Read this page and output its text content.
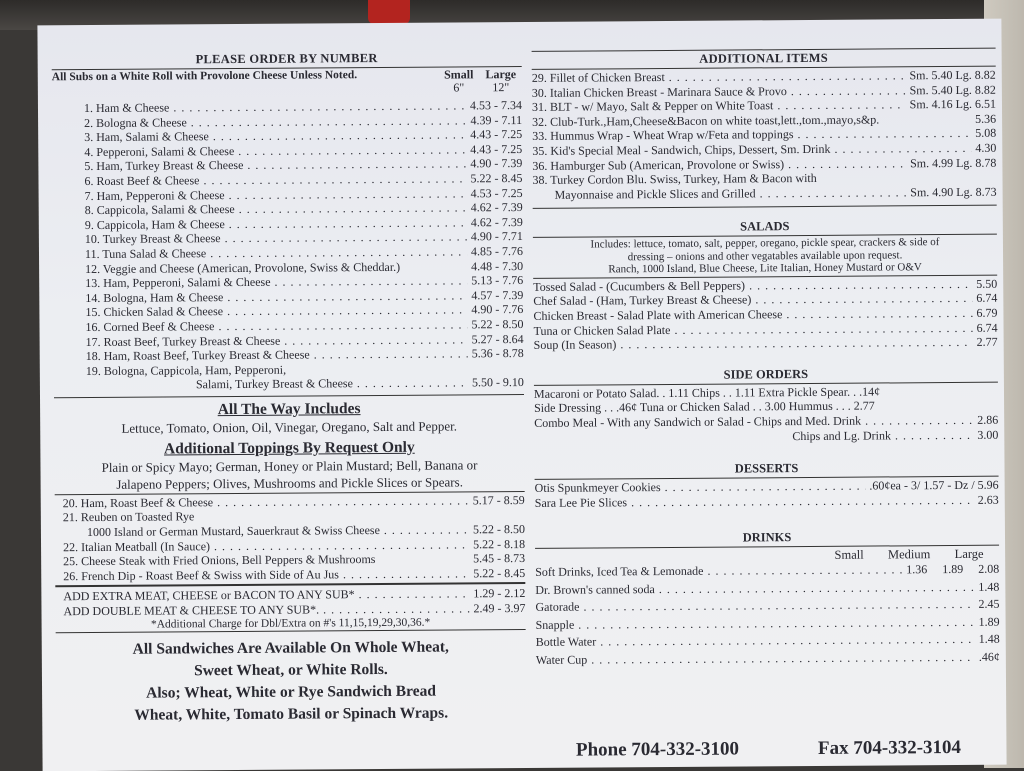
PLEASE ORDER BY NUMBER
All Subs on a White Roll with Provolone Cheese Unless Noted.	Small Large
6"	12"
1. Ham & Cheese . . .	4.53 - 7.34
2. Bologna & Cheese . . .	4.39 - 7.11
3. Ham, Salami & Cheese . . .	4.43 - 7.25
4. Pepperoni, Salami & Cheese . . .	4.43 - 7.25
5. Ham, Turkey Breast & Cheese . . .	4.90 - 7.39
6. Roast Beef & Cheese . . .	5.22 - 8.45
7. Ham, Pepperoni & Cheese . . .	4.53 - 7.25
8. Cappicola, Salami & Cheese . . .	4.62 - 7.39
9. Cappicola, Ham & Cheese . . .	4.62 - 7.39
10. Turkey Breast & Cheese . . .	4.90 - 7.71
11. Tuna Salad & Cheese . . .	4.85 - 7.76
12. Veggie and Cheese (American, Provolone, Swiss & Cheddar.)	4.48 - 7.30
13. Ham, Pepperoni, Salami & Cheese . . .	5.13 - 7.76
14. Bologna, Ham & Cheese . . .	4.57 - 7.39
15. Chicken Salad & Cheese . . .	4.90 - 7.76
16. Corned Beef & Cheese . . .	5.22 - 8.50
17. Roast Beef, Turkey Breast & Cheese . . .	5.27 - 8.64
18. Ham, Roast Beef, Turkey Breast & Cheese . . .	5.36 - 8.78
19. Bologna, Cappicola, Ham, Pepperoni,
Salami, Turkey Breast & Cheese . . .	5.50 - 9.10
All The Way Includes
Lettuce, Tomato, Onion, Oil, Vinegar, Oregano, Salt and Pepper.
Additional Toppings By Request Only
Plain or Spicy Mayo; German, Honey or Plain Mustard; Bell, Banana or
Jalapeno Peppers; Olives, Mushrooms and Pickle Slices or Spears.
20. Ham, Roast Beef & Cheese . . .	5.17 - 8.59
21. Reuben on Toasted Rye
1000 Island or German Mustard, Sauerkraut & Swiss Cheese . . .	5.22 - 8.50
22. Italian Meatball (In Sauce) . . .	5.22 - 8.18
25. Cheese Steak with Fried Onions, Bell Peppers & Mushrooms	5.45 - 8.73
26. French Dip - Roast Beef & Swiss with Side of Au Jus . . .	5.22 - 8.45
ADD EXTRA MEAT, CHEESE or BACON TO ANY SUB* . . .	1.29 - 2.12
ADD DOUBLE MEAT & CHEESE TO ANY SUB*. . . .	2.49 - 3.97
*Additional Charge for Dbl/Extra on #'s 11,15,19,29,30,36.*
All Sandwiches Are Available On Whole Wheat,
Sweet Wheat, or White Rolls.
Also; Wheat, White or Rye Sandwich Bread
Wheat, White, Tomato Basil or Spinach Wraps.
ADDITIONAL ITEMS
29. Fillet of Chicken Breast . . .	Sm. 5.40 Lg. 8.82
30. Italian Chicken Breast - Marinara Sauce & Provo . . .	Sm. 5.40 Lg. 8.82
31. BLT - w/ Mayo, Salt & Pepper on White Toast . . .	Sm. 4.16 Lg. 6.51
32. Club-Turk.,Ham,Cheese&Bacon on white toast,lett.,tom.,mayo,s&p.	5.36
33. Hummus Wrap - Wheat Wrap w/Feta and toppings . . .	5.08
35. Kid's Special Meal - Sandwich, Chips, Dessert, Sm. Drink . . .	4.30
36. Hamburger Sub (American, Provolone or Swiss) . . .	Sm. 4.99 Lg. 8.78
38. Turkey Cordon Blu. Swiss, Turkey, Ham & Bacon with
Mayonnaise and Pickle Slices and Grilled . . .	Sm. 4.90 Lg. 8.73
SALADS
Includes: lettuce, tomato, salt, pepper, oregano, pickle spear, crackers & side of
dressing – onions and other vegatables available upon request.
Ranch, 1000 Island, Blue Cheese, Lite Italian, Honey Mustard or O&V
Tossed Salad - (Cucumbers & Bell Peppers) . . .	5.50
Chef Salad - (Ham, Turkey Breast & Cheese) . . .	6.74
Chicken Breast - Salad Plate with American Cheese . . .	6.79
Tuna or Chicken Salad Plate . . .	6.74
Soup (In Season) . . .	2.77
SIDE ORDERS
Macaroni or Potato Salad. . 1.11 Chips . . 1.11 Extra Pickle Spear. . .14¢
Side Dressing . . .46¢ Tuna or Chicken Salad . . 3.00 Hummus . . . 2.77
Combo Meal - With any Sandwich or Salad - Chips and Med. Drink . . .	2.86
Chips and Lg. Drink . . .	3.00
DESSERTS
Otis Spunkmeyer Cookies . . .	.60¢ea - 3/ 1.57 - Dz / 5.96
Sara Lee Pie Slices . . .	2.63
DRINKS
Small	Medium	Large
Soft Drinks, Iced Tea & Lemonade . . .	1.36     1.89     2.08
Dr. Brown's canned soda . . .	1.48
Gatorade . . .	2.45
Snapple . . .	1.89
Bottle Water . . .	1.48
Water Cup . . .	.46¢
Phone 704-332-3100	Fax 704-332-3104
